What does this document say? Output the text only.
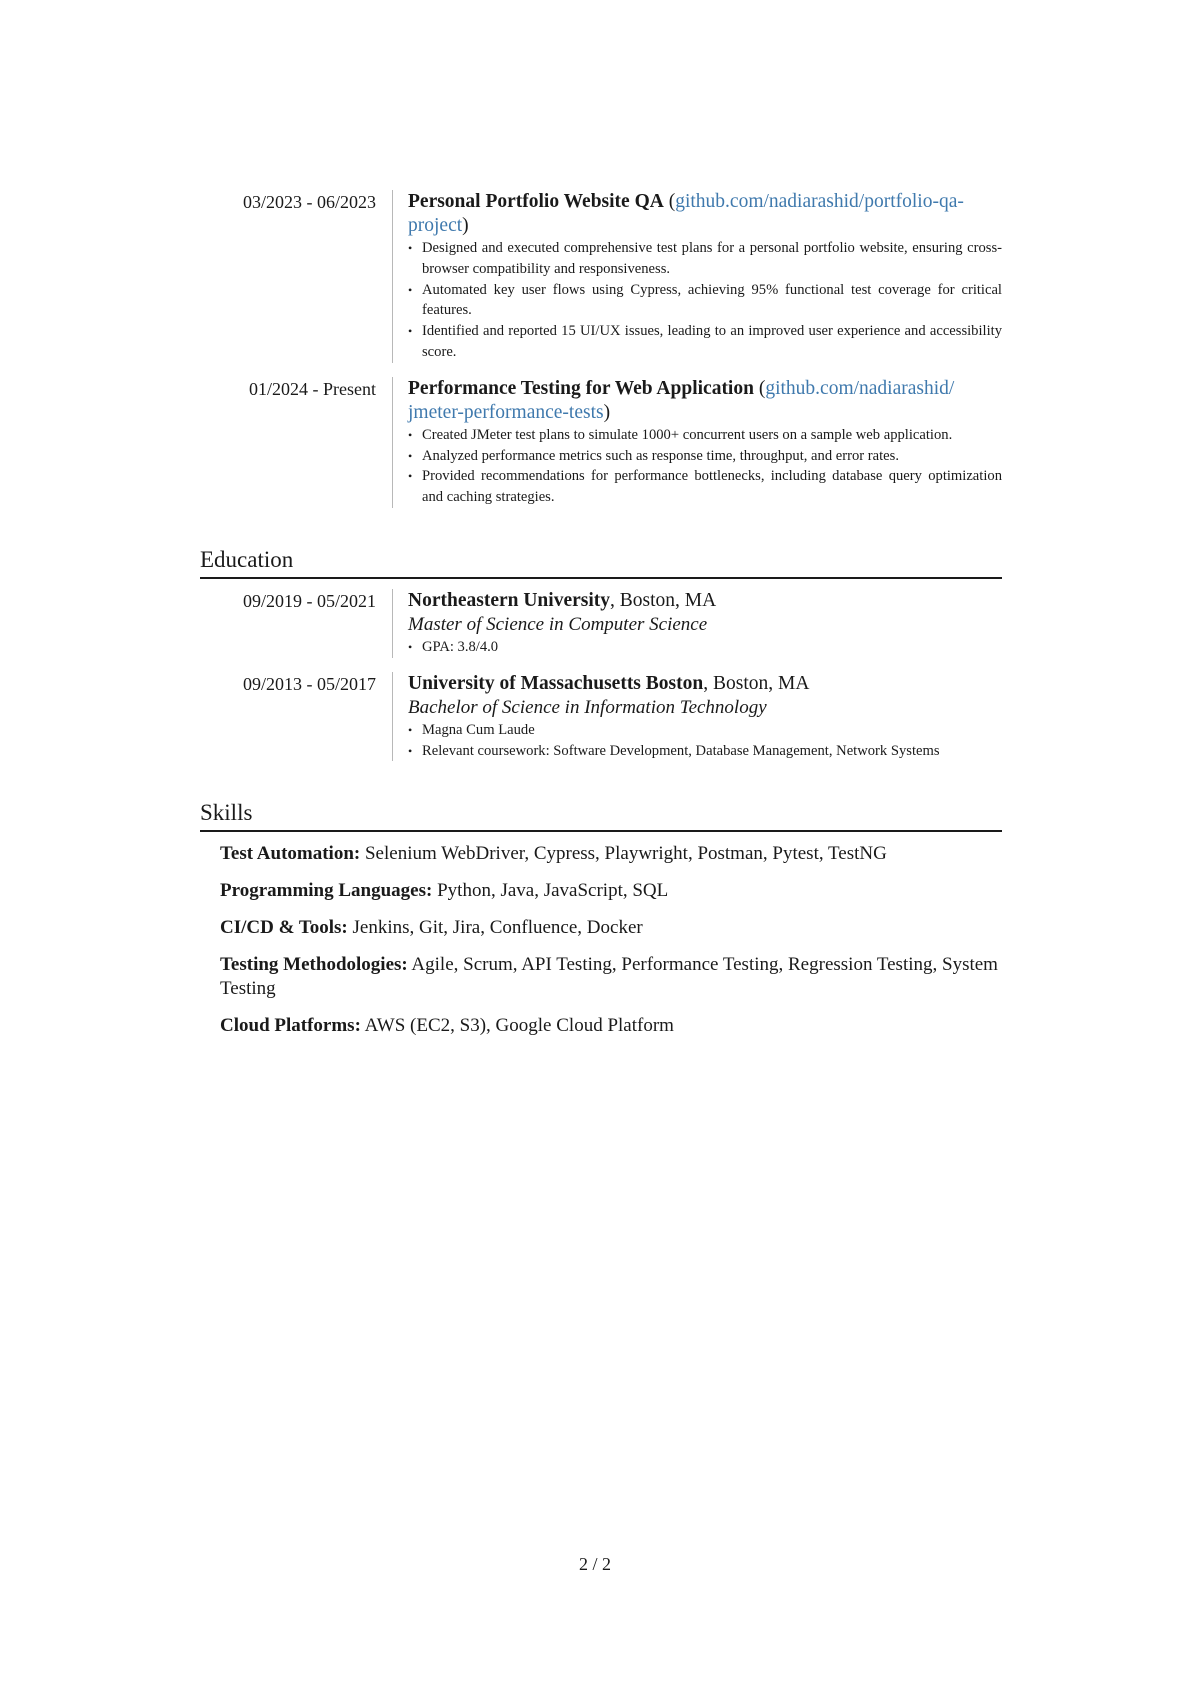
03/2023 - 06/2023	Personal Portfolio Website QA (github.com/nadiarashid/portfolio-qa-
project)
• Designed and executed comprehensive test plans for a personal portfolio website, ensuring cross-browser compatibility and responsiveness.
• Automated key user flows using Cypress, achieving 95% functional test coverage for critical features.
• Identified and reported 15 UI/UX issues, leading to an improved user experience and accessibility score.
01/2024 - Present	Performance Testing for Web Application (github.com/nadiarashid/
jmeter-performance-tests)
• Created JMeter test plans to simulate 1000+ concurrent users on a sample web application.
• Analyzed performance metrics such as response time, throughput, and error rates.
• Provided recommendations for performance bottlenecks, including database query optimization and caching strategies.
Education
09/2019 - 05/2021	Northeastern University, Boston, MA
Master of Science in Computer Science
• GPA: 3.8/4.0
09/2013 - 05/2017	University of Massachusetts Boston, Boston, MA
Bachelor of Science in Information Technology
• Magna Cum Laude
• Relevant coursework: Software Development, Database Management, Network Systems
Skills
Test Automation: Selenium WebDriver, Cypress, Playwright, Postman, Pytest, TestNG
Programming Languages: Python, Java, JavaScript, SQL
CI/CD & Tools: Jenkins, Git, Jira, Confluence, Docker
Testing Methodologies: Agile, Scrum, API Testing, Performance Testing, Regression Testing, System Testing
Cloud Platforms: AWS (EC2, S3), Google Cloud Platform
2 / 2
